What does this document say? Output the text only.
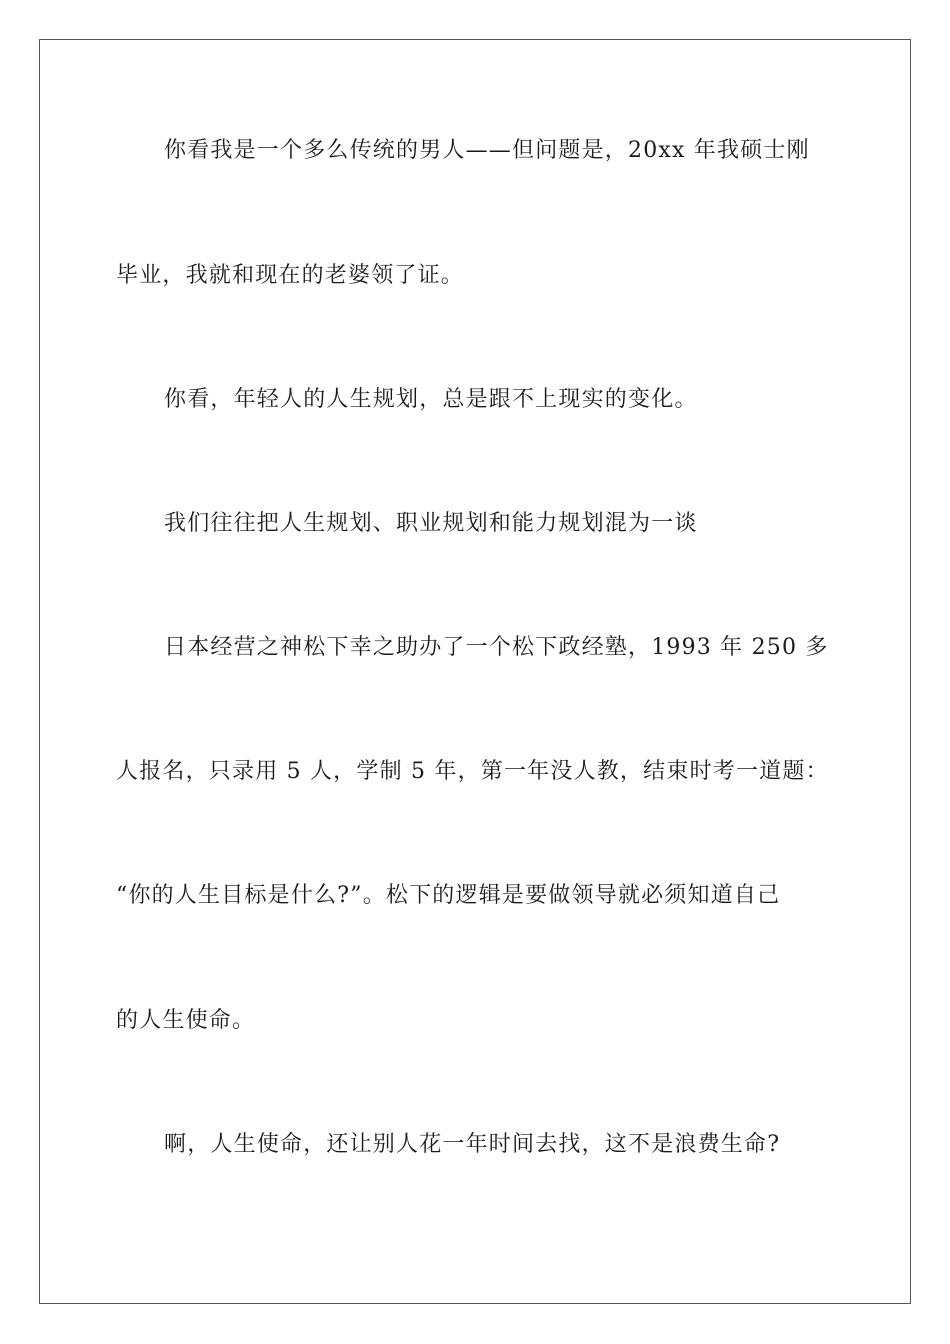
你看我是一个多么传统的男人——但问题是，20xx 年我硕士刚

毕业，我就和现在的老婆领了证。

你看，年轻人的人生规划，总是跟不上现实的变化。

我们往往把人生规划、职业规划和能力规划混为一谈

日本经营之神松下幸之助办了一个松下政经塾，1993 年 250 多

人报名，只录用 5 人，学制 5 年，第一年没人教，结束时考一道题：

“你的人生目标是什么?”。松下的逻辑是要做领导就必须知道自己

的人生使命。

啊，人生使命，还让别人花一年时间去找，这不是浪费生命?
